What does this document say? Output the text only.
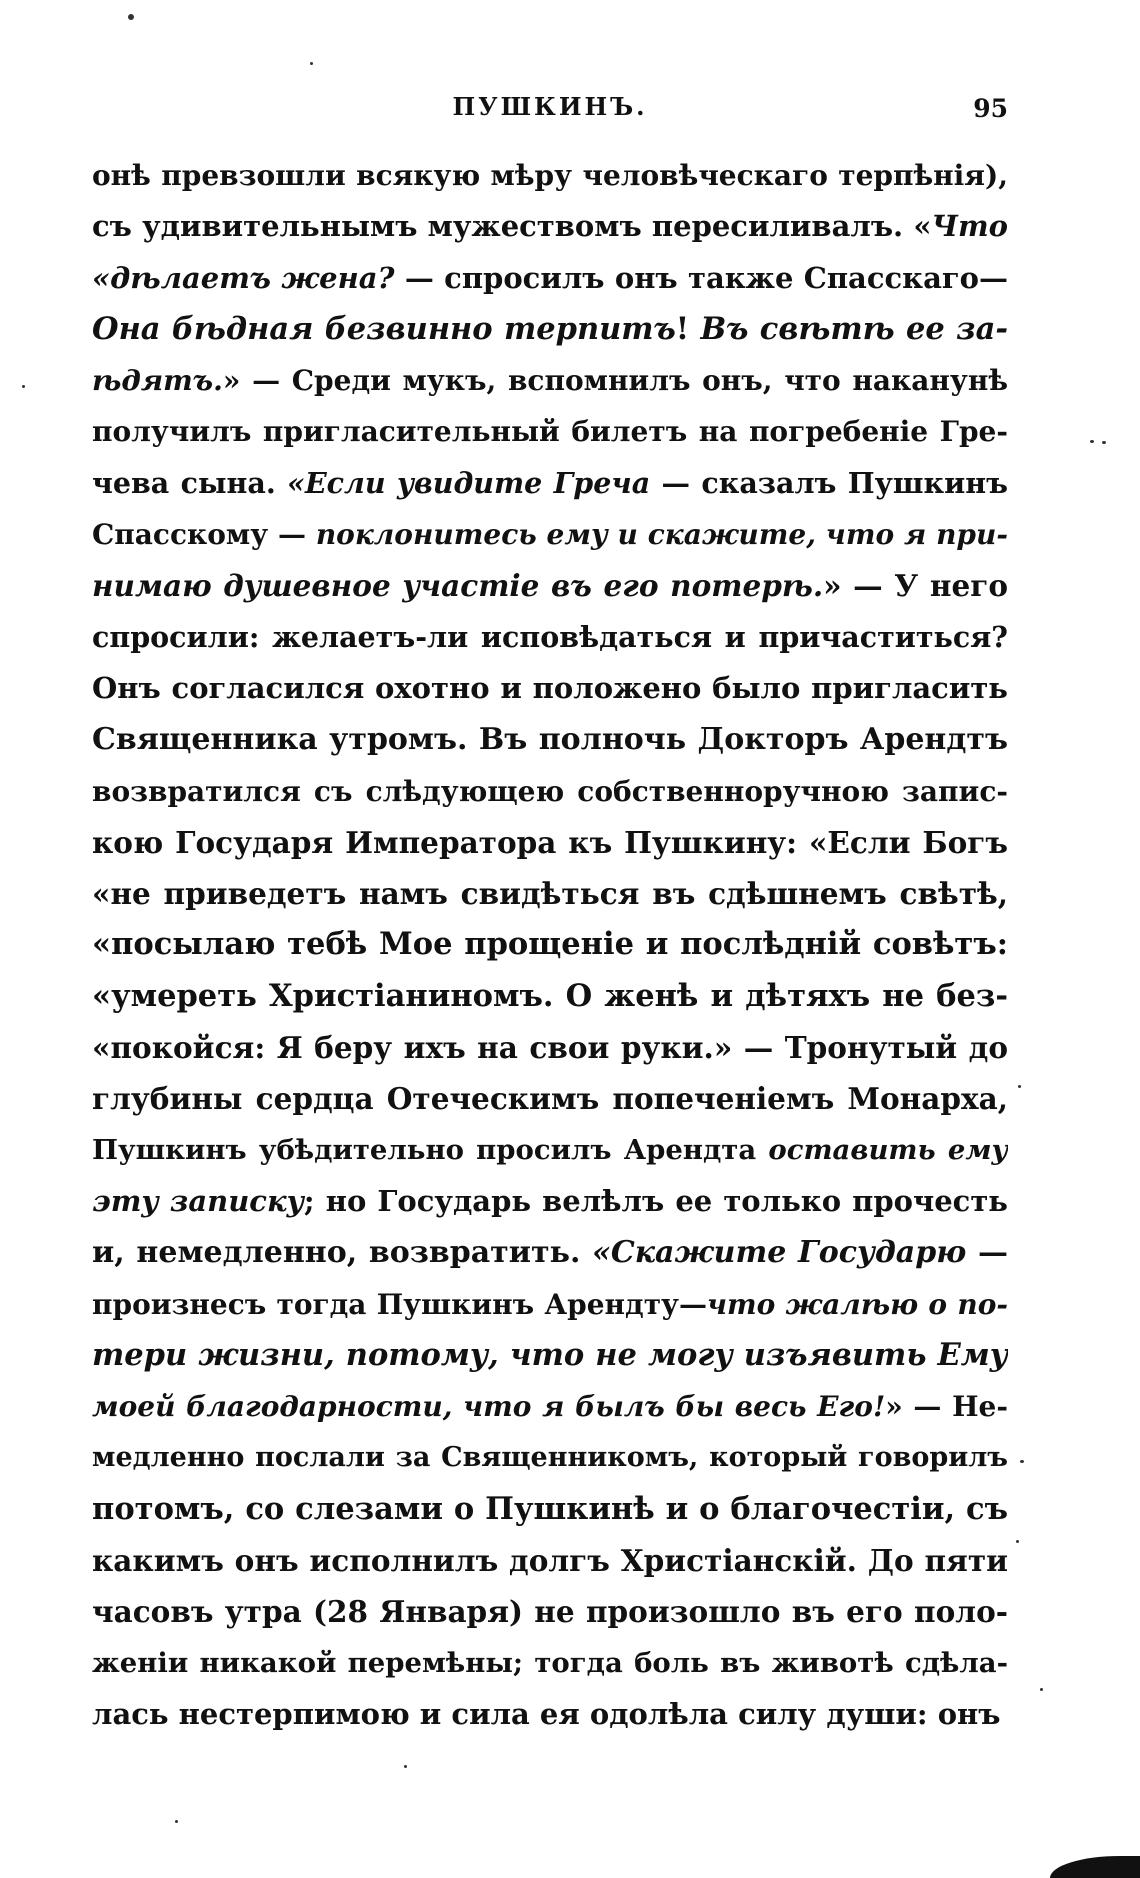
ПУШКИНЪ.	95
онѣ превзошли всякую мѣру человѣческаго терпѣнія),
съ удивительнымъ мужествомъ пересиливалъ. «Что
«дѣлаетъ жена? — спросилъ онъ также Спасскаго—
Она бѣдная безвинно терпитъ! Въ свѣтѣ ее за-
ѣдятъ.» — Среди мукъ, вспомнилъ онъ, что наканунѣ
получилъ пригласительный билетъ на погребеніе Гре-
чева сына. «Если увидите Греча — сказалъ Пушкинъ
Спасскому — поклонитесь ему и скажите, что я при-
нимаю душевное участіе въ его потерѣ.» — У него
спросили: желаетъ-ли исповѣдаться и причаститься?
Онъ согласился охотно и положено было пригласить
Священника утромъ. Въ полночь Докторъ Арендтъ
возвратился съ слѣдующею собственноручною запис-
кою Государя Императора къ Пушкину: «Если Богъ
«не приведетъ намъ свидѣться въ сдѣшнемъ свѣтѣ,
«посылаю тебѣ Мое прощеніе и послѣдній совѣтъ:
«умереть Христіаниномъ. О женѣ и дѣтяхъ не без-
«покойся: Я беру ихъ на свои руки.» — Тронутый до
глубины сердца Отеческимъ попеченіемъ Монарха,
Пушкинъ убѣдительно просилъ Арендта оставить ему
эту записку; но Государь велѣлъ ее только прочесть
и, немедленно, возвратить. «Скажите Государю —
произнесъ тогда Пушкинъ Арендту—что жалѣю о по-
тери жизни, потому, что не могу изъявить Ему
моей благодарности, что я былъ бы весь Его!» — Не-
медленно послали за Священникомъ, который говорилъ
потомъ, со слезами о Пушкинѣ и о благочестіи, съ
какимъ онъ исполнилъ долгъ Христіанскій. До пяти
часовъ утра (28 Января) не произошло въ его поло-
женіи никакой перемѣны; тогда боль въ животѣ сдѣла-
лась нестерпимою и сила ея одолѣла силу души: онъ
